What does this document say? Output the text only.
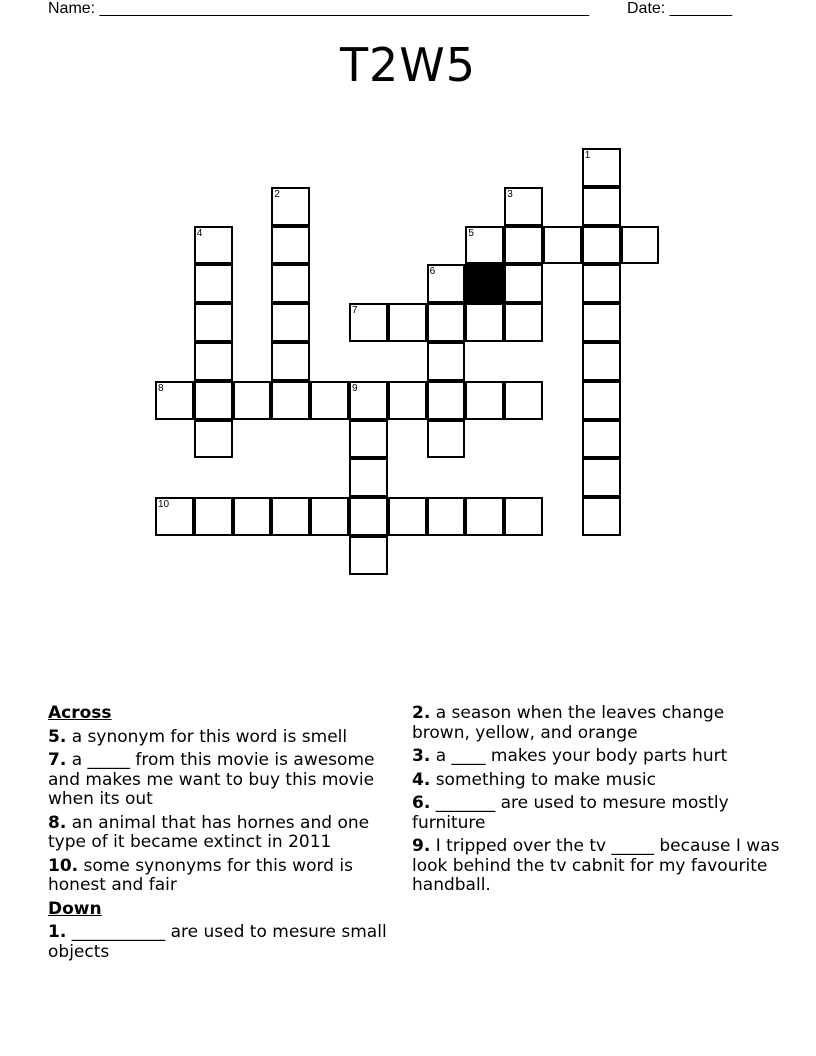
Name: _______________________________________________________ Date: _______
T2W5
1
2	3
4	5
6
7
8	9
10
Across
5. a synonym for this word is smell
7. a _____ from this movie is awesome and makes me want to buy this movie when its out
8. an animal that has hornes and one type of it became extinct in 2011
10. some synonyms for this word is honest and fair
Down
1. ___________ are used to mesure small objects
2. a season when the leaves change brown, yellow, and orange
3. a ____ makes your body parts hurt
4. something to make music
6. _______ are used to mesure mostly furniture
9. I tripped over the tv _____ because I was look behind the tv cabnit for my favourite handball.
